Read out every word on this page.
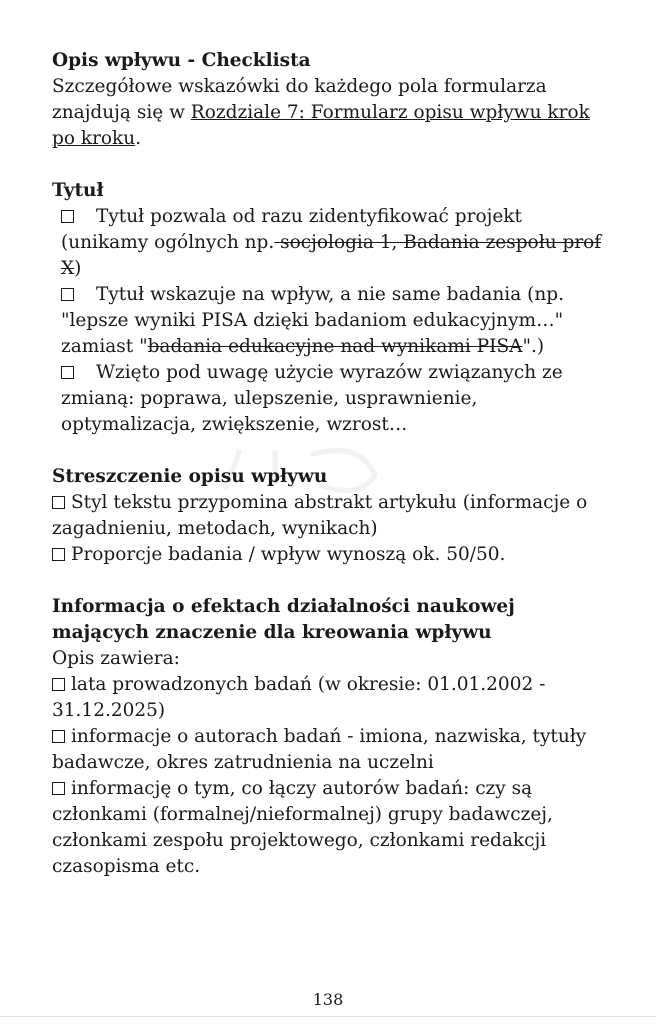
Opis wpływu - Checklista
Szczegółowe wskazówki do każdego pola formularza znajdują się w Rozdziale 7: Formularz opisu wpływu krok po kroku.
Tytuł
Tytuł pozwala od razu zidentyfikować projekt (unikamy ogólnych np. socjologia 1, Badania zespołu prof X)
Tytuł wskazuje na wpływ, a nie same badania (np. "lepsze wyniki PISA dzięki badaniom edukacyjnym…" zamiast "badania edukacyjne nad wynikami PISA".)
Wzięto pod uwagę użycie wyrazów związanych ze zmianą: poprawa, ulepszenie, usprawnienie, optymalizacja, zwiększenie, wzrost…
Streszczenie opisu wpływu
Styl tekstu przypomina abstrakt artykułu (informacje o zagadnieniu, metodach, wynikach)
Proporcje badania / wpływ wynoszą ok. 50/50.
Informacja o efektach działalności naukowej mających znaczenie dla kreowania wpływu
Opis zawiera:
lata prowadzonych badań (w okresie: 01.01.2002 - 31.12.2025)
informacje o autorach badań - imiona, nazwiska, tytuły badawcze, okres zatrudnienia na uczelni
informację o tym, co łączy autorów badań: czy są członkami (formalnej/nieformalnej) grupy badawczej, członkami zespołu projektowego, członkami redakcji czasopisma etc.
138
